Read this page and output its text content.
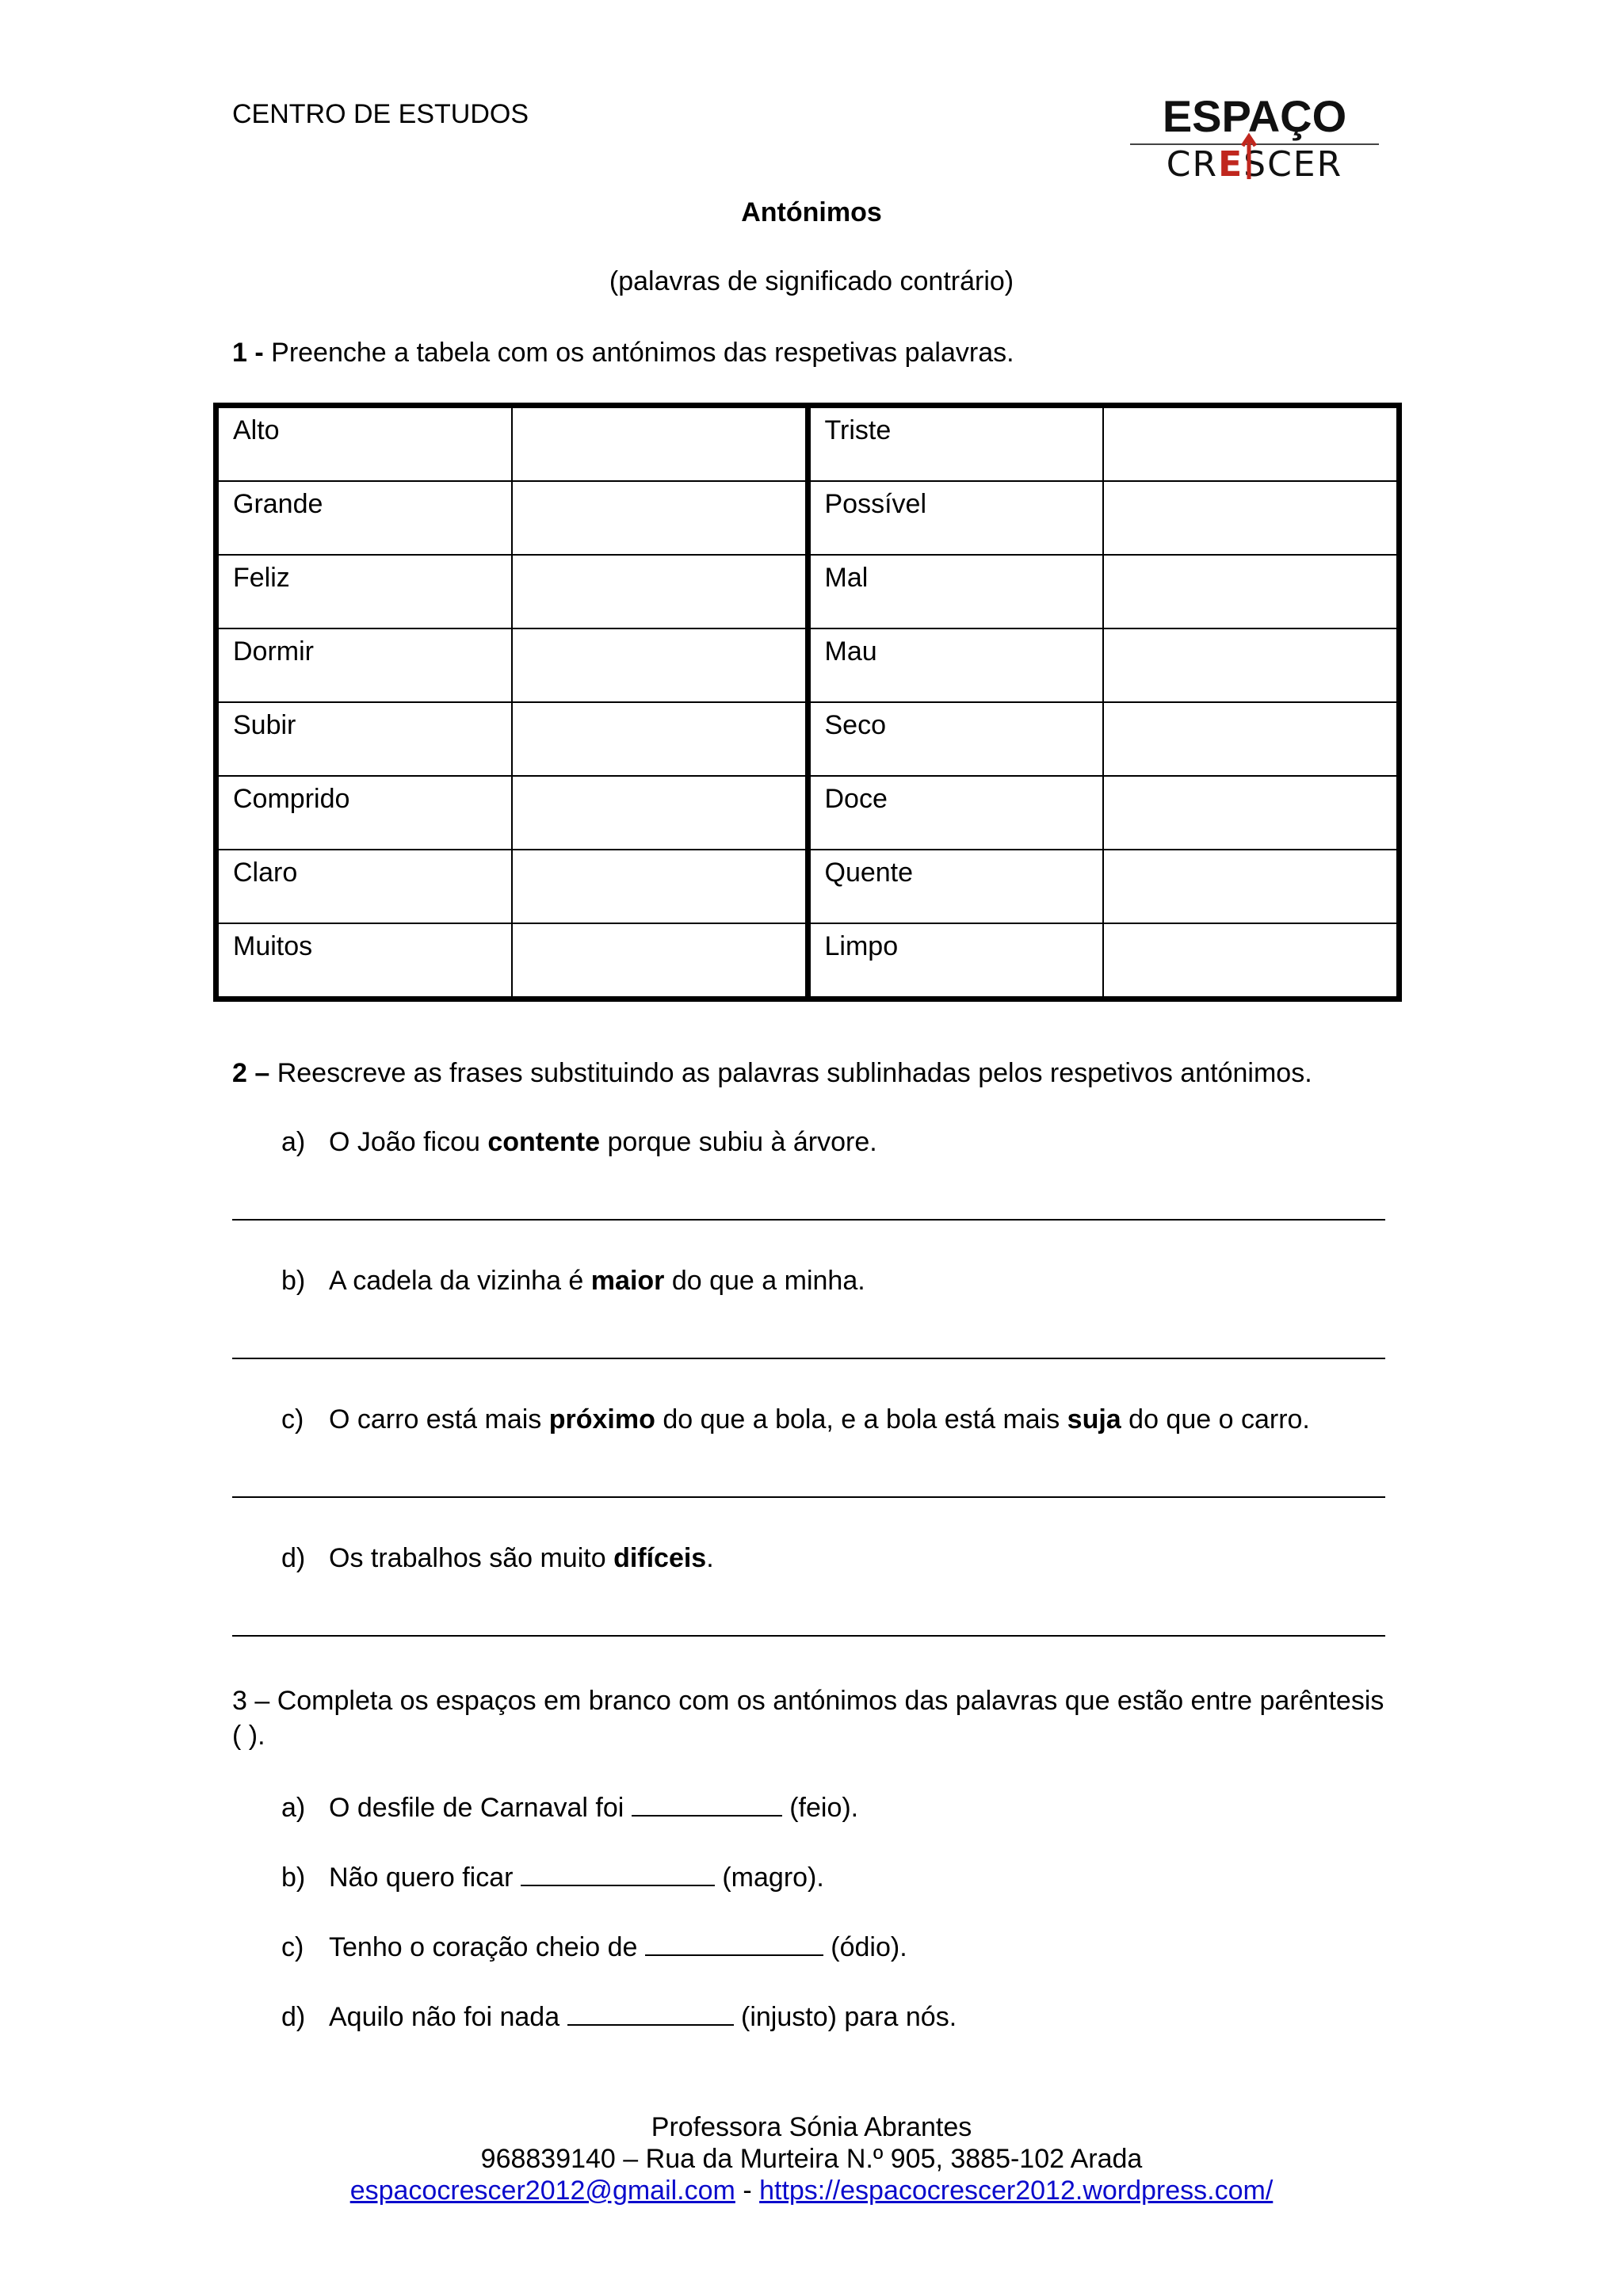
CENTRO DE ESTUDOS	ESPAÇO
CRESCER
Antónimos
(palavras de significado contrário)
1 - Preenche a tabela com os antónimos das respetivas palavras.
Alto		Triste	
Grande		Possível	
Feliz		Mal	
Dormir		Mau	
Subir		Seco	
Comprido		Doce	
Claro		Quente	
Muitos		Limpo	
2 – Reescreve as frases substituindo as palavras sublinhadas pelos respetivos antónimos.
a) O João ficou contente porque subiu à árvore.
b) A cadela da vizinha é maior do que a minha.
c) O carro está mais próximo do que a bola, e a bola está mais suja do que o carro.
d) Os trabalhos são muito difíceis.
3 – Completa os espaços em branco com os antónimos das palavras que estão entre parêntesis ( ).
a) O desfile de Carnaval foi	(feio).
b) Não quero ficar	(magro).
c) Tenho o coração cheio de	(ódio).
d) Aquilo não foi nada	(injusto) para nós.
Professora Sónia Abrantes
968839140 – Rua da Murteira N.º 905, 3885-102 Arada
espacocrescer2012@gmail.com - https://espacocrescer2012.wordpress.com/
